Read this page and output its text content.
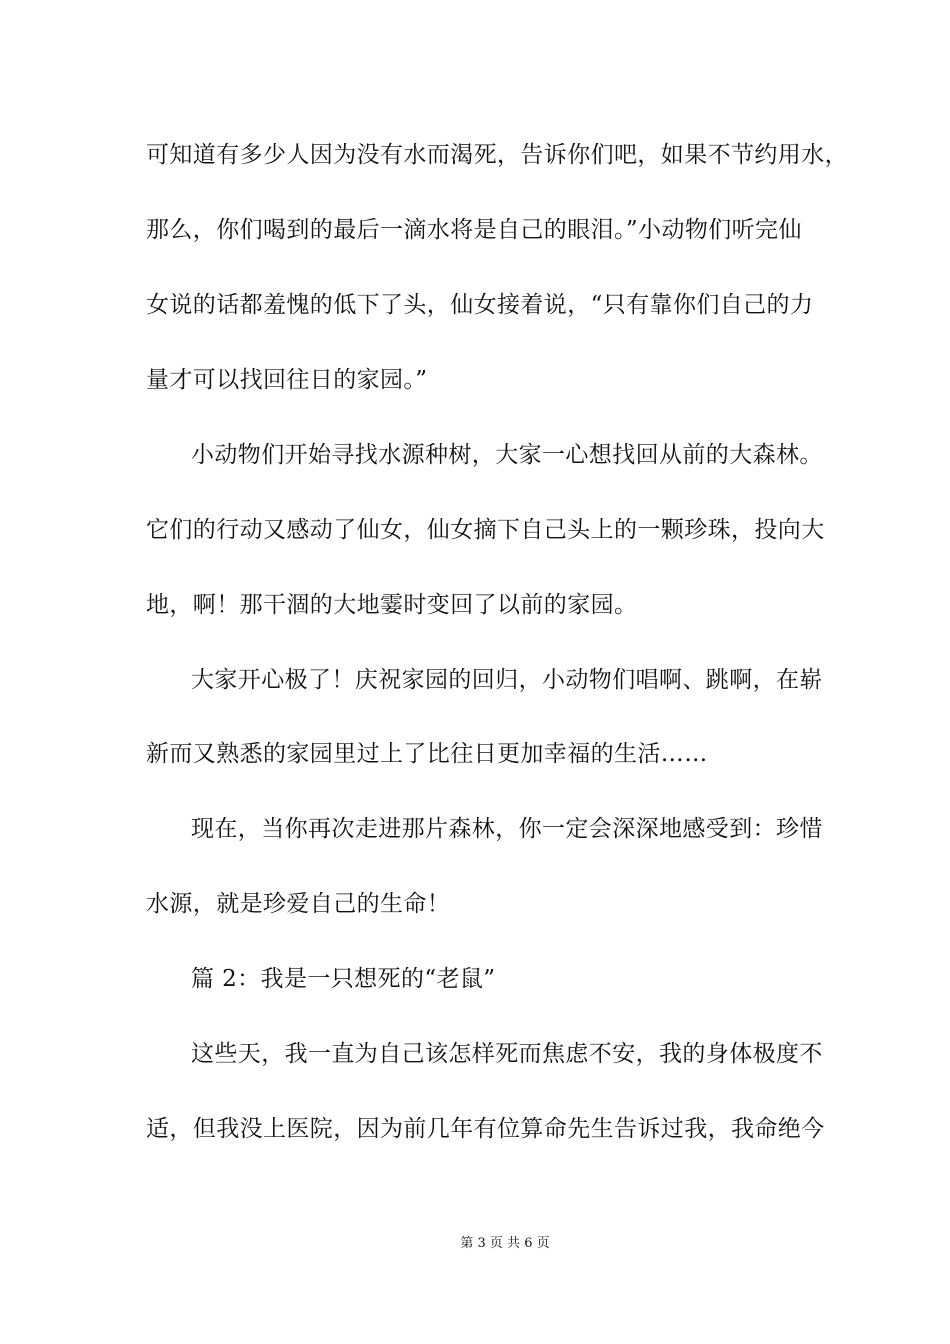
可知道有多少人因为没有水而渴死，告诉你们吧，如果不节约用水，
那么，你们喝到的最后一滴水将是自己的眼泪。”小动物们听完仙
女说的话都羞愧的低下了头，仙女接着说，“只有靠你们自己的力
量才可以找回往日的家园。”
小动物们开始寻找水源种树，大家一心想找回从前的大森林。
它们的行动又感动了仙女，仙女摘下自己头上的一颗珍珠，投向大
地，啊！那干涸的大地霎时变回了以前的家园。
大家开心极了！庆祝家园的回归，小动物们唱啊、跳啊，在崭
新而又熟悉的家园里过上了比往日更加幸福的生活……
现在，当你再次走进那片森林，你一定会深深地感受到：珍惜
水源，就是珍爱自己的生命！
篇 2：我是一只想死的“老鼠”
这些天，我一直为自己该怎样死而焦虑不安，我的身体极度不
适，但我没上医院，因为前几年有位算命先生告诉过我，我命绝今
第 3 页 共 6 页
